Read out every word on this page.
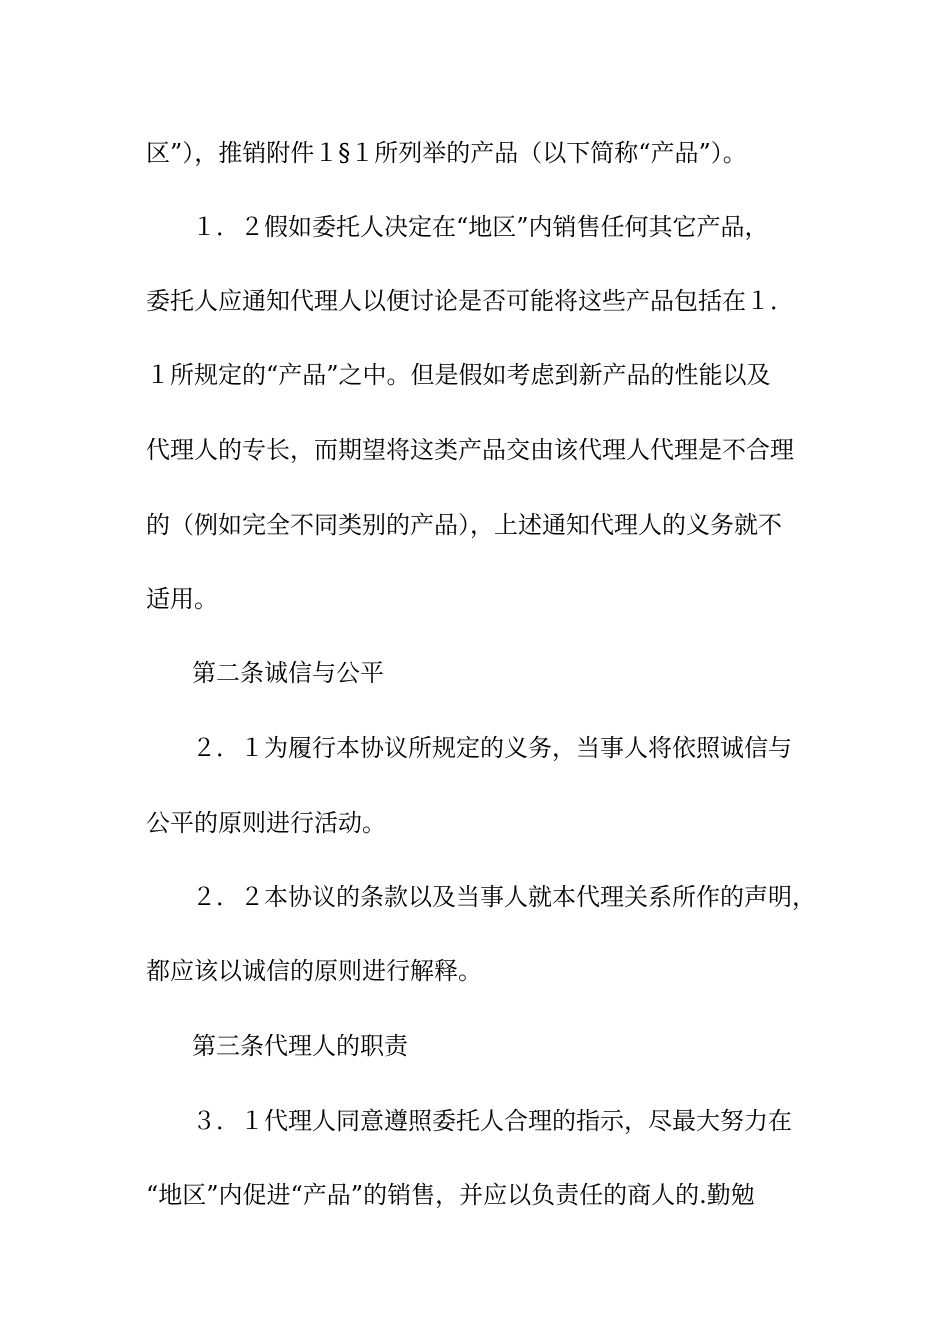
区”），推销附件１§１所列举的产品（以下简称“产品”）。
１．２假如委托人决定在“地区”内销售任何其它产品，
委托人应通知代理人以便讨论是否可能将这些产品包括在１．
１所规定的“产品”之中。但是假如考虑到新产品的性能以及
代理人的专长，而期望将这类产品交由该代理人代理是不合理
的（例如完全不同类别的产品），上述通知代理人的义务就不
适用。
第二条诚信与公平
２．１为履行本协议所规定的义务，当事人将依照诚信与
公平的原则进行活动。
２．２本协议的条款以及当事人就本代理关系所作的声明，
都应该以诚信的原则进行解释。
第三条代理人的职责
３．１代理人同意遵照委托人合理的指示，尽最大努力在
“地区”内促进“产品”的销售，并应以负责任的商人的.勤勉
